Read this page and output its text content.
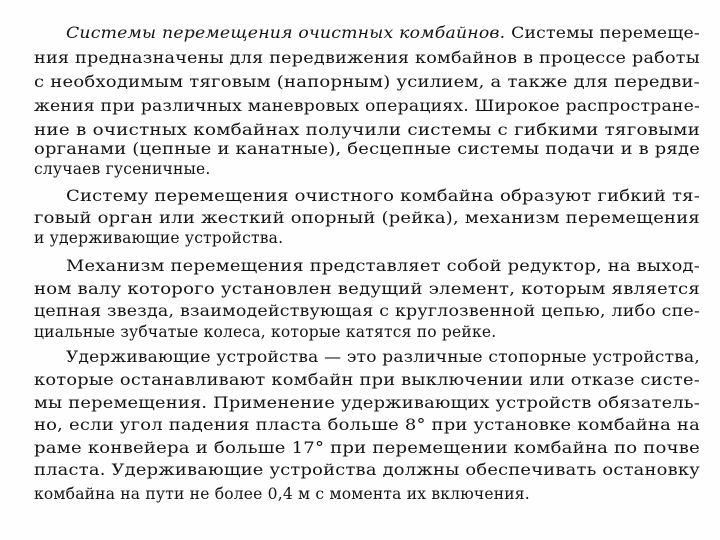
Системы перемещения очистных комбайнов. Системы перемеще-
ния предназначены для передвижения комбайнов в процессе работы
с необходимым тяговым (напорным) усилием, а также для передви-
жения при различных маневровых операциях. Широкое распростране-
ние в очистных комбайнах получили системы с гибкими тяговыми
органами (цепные и канатные), бесцепные системы подачи и в ряде
случаев гусеничные.
Систему перемещения очистного комбайна образуют гибкий тя-
говый орган или жесткий опорный (рейка), механизм перемещения
и удерживающие устройства.
Механизм перемещения представляет собой редуктор, на выход-
ном валу которого установлен ведущий элемент, которым является
цепная звезда, взаимодействующая с круглозвенной цепью, либо спе-
циальные зубчатые колеса, которые катятся по рейке.
Удерживающие устройства — это различные стопорные устройства,
которые останавливают комбайн при выключении или отказе систе-
мы перемещения. Применение удерживающих устройств обязатель-
но, если угол падения пласта больше 8° при установке комбайна на
раме конвейера и больше 17° при перемещении комбайна по почве
пласта. Удерживающие устройства должны обеспечивать остановку
комбайна на пути не более 0,4 м с момента их включения.
